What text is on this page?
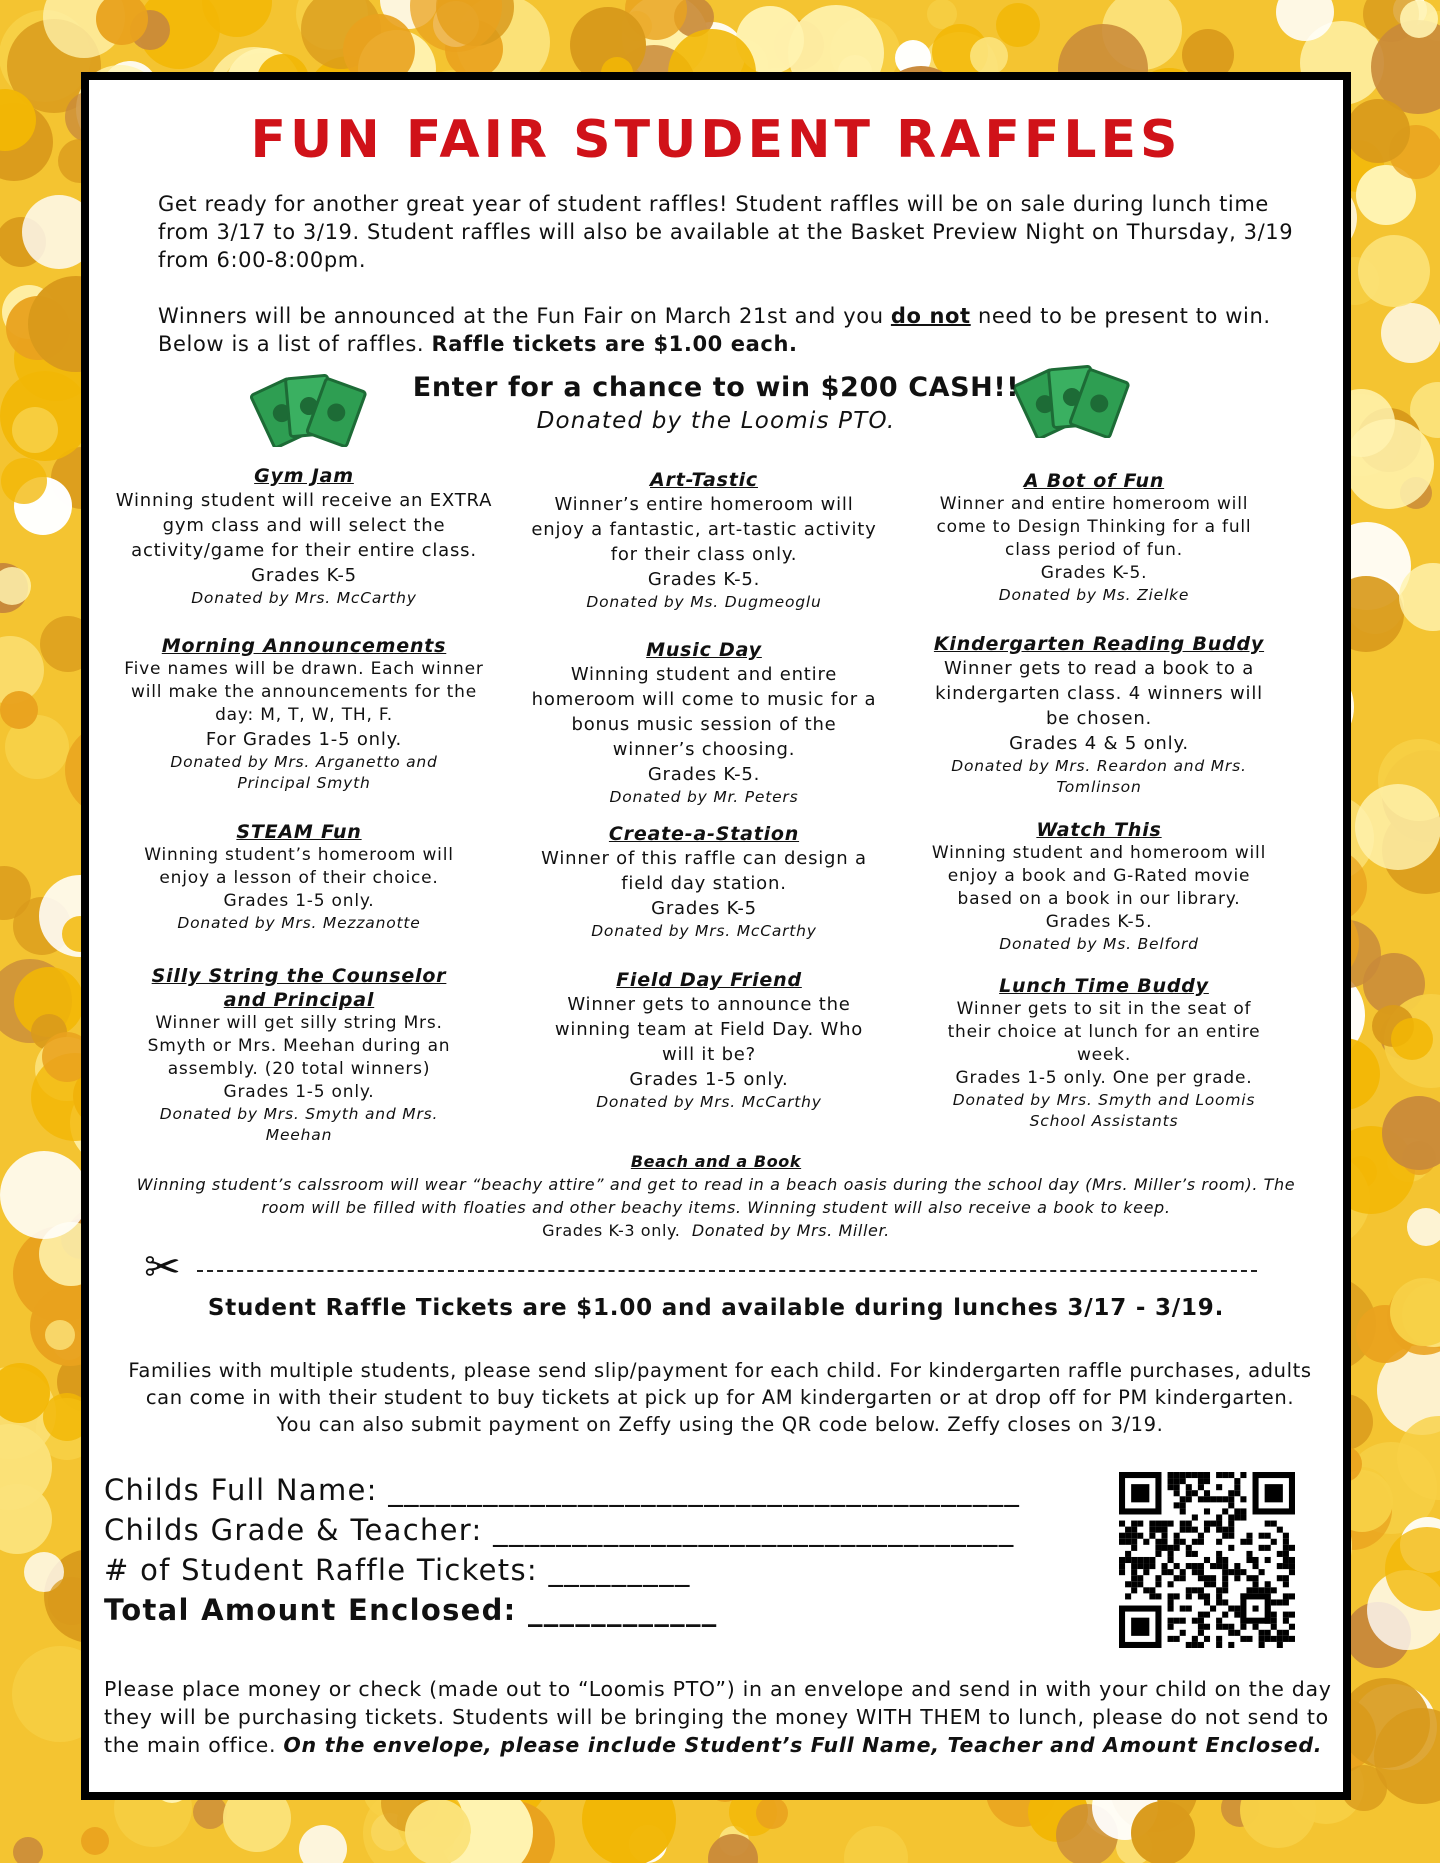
FUN FAIR STUDENT RAFFLES
Get ready for another great year of student raffles! Student raffles will be on sale during lunch time from 3/17 to 3/19. Student raffles will also be available at the Basket Preview Night on Thursday, 3/19 from 6:00-8:00pm.
Winners will be announced at the Fun Fair on March 21st and you do not need to be present to win. Below is a list of raffles. Raffle tickets are $1.00 each.
Enter for a chance to win $200 CASH!!
Donated by the Loomis PTO.
Gym Jam
Winning student will receive an EXTRA gym class and will select the activity/game for their entire class.
Grades K-5
Donated by Mrs. McCarthy
Morning Announcements
Five names will be drawn. Each winner will make the announcements for the day: M, T, W, TH, F.
For Grades 1-5 only.
Donated by Mrs. Arganetto and Principal Smyth
STEAM Fun
Winning student’s homeroom will enjoy a lesson of their choice.
Grades 1-5 only.
Donated by Mrs. Mezzanotte
Silly String the Counselor and Principal
Winner will get silly string Mrs. Smyth or Mrs. Meehan during an assembly. (20 total winners)
Grades 1-5 only.
Donated by Mrs. Smyth and Mrs. Meehan
Art-Tastic
Winner’s entire homeroom will enjoy a fantastic, art-tastic activity for their class only.
Grades K-5.
Donated by Ms. Dugmeoglu
Music Day
Winning student and entire homeroom will come to music for a bonus music session of the winner’s choosing.
Grades K-5.
Donated by Mr. Peters
Create-a-Station
Winner of this raffle can design a field day station.
Grades K-5
Donated by Mrs. McCarthy
Field Day Friend
Winner gets to announce the winning team at Field Day. Who will it be?
Grades 1-5 only.
Donated by Mrs. McCarthy
A Bot of Fun
Winner and entire homeroom will come to Design Thinking for a full class period of fun.
Grades K-5.
Donated by Ms. Zielke
Kindergarten Reading Buddy
Winner gets to read a book to a kindergarten class. 4 winners will be chosen.
Grades 4 & 5 only.
Donated by Mrs. Reardon and Mrs. Tomlinson
Watch This
Winning student and homeroom will enjoy a book and G-Rated movie based on a book in our library.
Grades K-5.
Donated by Ms. Belford
Lunch Time Buddy
Winner gets to sit in the seat of their choice at lunch for an entire week.
Grades 1-5 only. One per grade.
Donated by Mrs. Smyth and Loomis School Assistants
Beach and a Book
Winning student’s calssroom will wear “beachy attire” and get to read in a beach oasis during the school day (Mrs. Miller’s room). The room will be filled with floaties and other beachy items. Winning student will also receive a book to keep.
Grades K-3 only. Donated by Mrs. Miller.
✂
Student Raffle Tickets are $1.00 and available during lunches 3/17 - 3/19.
Families with multiple students, please send slip/payment for each child. For kindergarten raffle purchases, adults can come in with their student to buy tickets at pick up for AM kindergarten or at drop off for PM kindergarten. You can also submit payment on Zeffy using the QR code below. Zeffy closes on 3/19.
Childs Full Name: ________________________________________
Childs Grade & Teacher: _________________________________
# of Student Raffle Tickets: _________
Total Amount Enclosed: ____________
Please place money or check (made out to “Loomis PTO”) in an envelope and send in with your child on the day they will be purchasing tickets. Students will be bringing the money WITH THEM to lunch, please do not send to the main office. On the envelope, please include Student’s Full Name, Teacher and Amount Enclosed.
